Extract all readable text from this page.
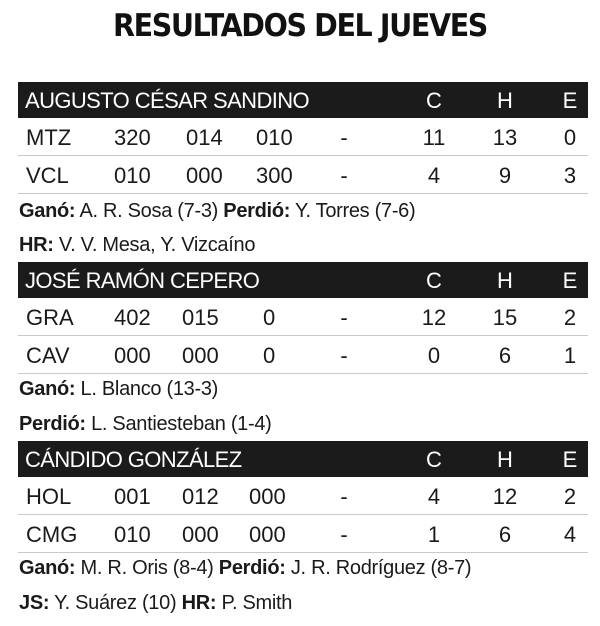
RESULTADOS DEL JUEVES
AUGUSTO CÉSAR SANDINO	C	H	E
MTZ 320 014 010 -	11	13	0
VCL 010 000 300 -	4	9	3
Ganó: A. R. Sosa (7-3) Perdió: Y. Torres (7-6)
HR: V. V. Mesa, Y. Vizcaíno
JOSÉ RAMÓN CEPERO	C	H	E
GRA 402 015 0	-	12	15	2
CAV 000 000 0	-	0	6	1
Ganó: L. Blanco (13-3)
Perdió: L. Santiesteban (1-4)
CÁNDIDO GONZÁLEZ	C	H	E
HOL 001 012 000 -	4	12	2
CMG 010 000 000 -	1	6	4
Ganó: M. R. Oris (8-4) Perdió: J. R. Rodríguez (8-7)
JS: Y. Suárez (10) HR: P. Smith
